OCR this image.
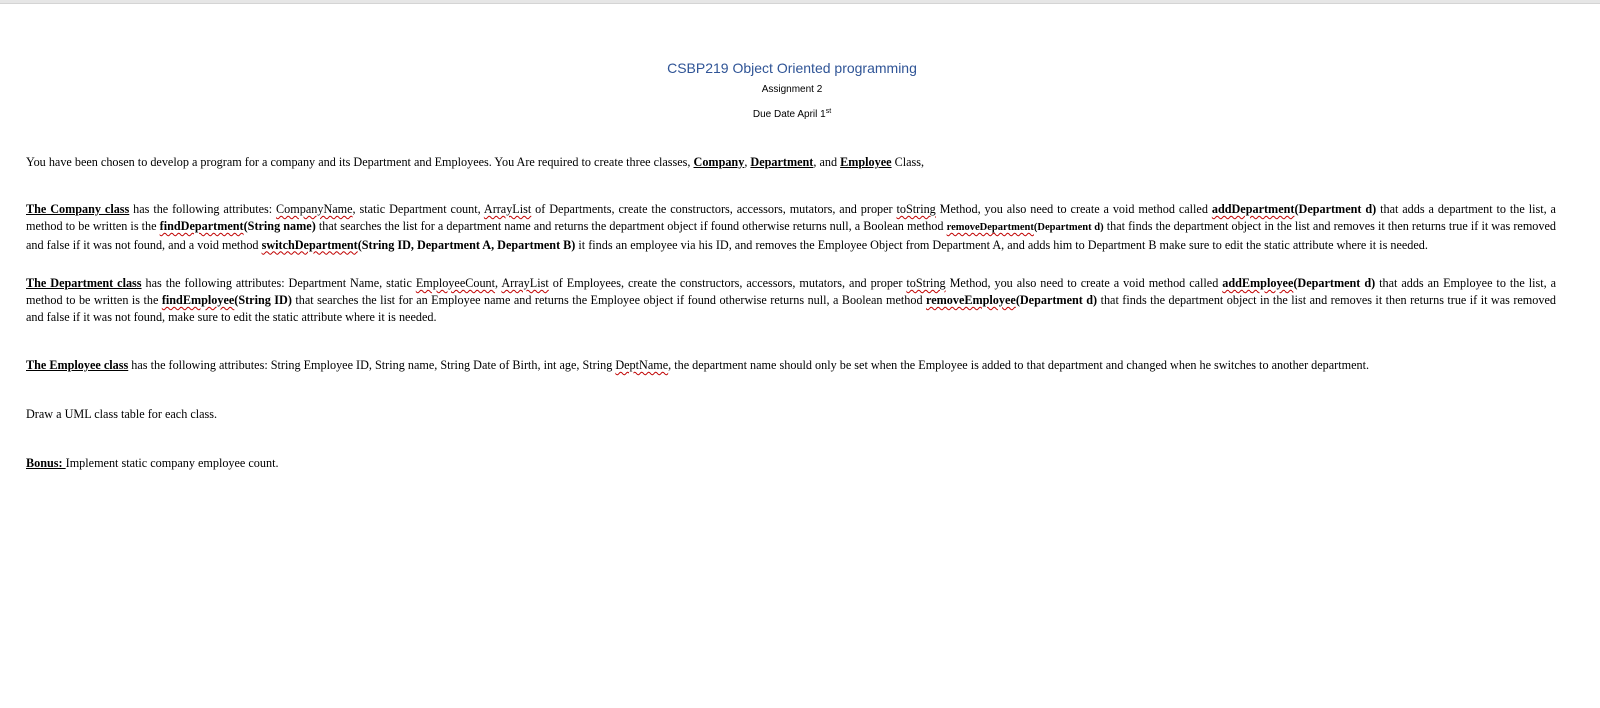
CSBP219 Object Oriented programming
Assignment 2
Due Date April 1st
You have been chosen to develop a program for a company and its Department and Employees. You Are required to create three classes, Company, Department, and Employee Class,
The Company class has the following attributes: CompanyName, static Department count, ArrayList of Departments, create the constructors, accessors, mutators, and proper toString Method, you also need to create a void method called addDepartment(Department d) that adds a department to the list, a method to be written is the findDepartment(String name) that searches the list for a department name and returns the department object if found otherwise returns null, a Boolean method removeDepartment(Department d) that finds the department object in the list and removes it then returns true if it was removed and false if it was not found, and a void method switchDepartment(String ID, Department A, Department B) it finds an employee via his ID, and removes the Employee Object from Department A, and adds him to Department B make sure to edit the static attribute where it is needed.
The Department class has the following attributes: Department Name, static EmployeeCount, ArrayList of Employees, create the constructors, accessors, mutators, and proper toString Method, you also need to create a void method called addEmployee(Department d) that adds an Employee to the list, a method to be written is the findEmployee(String ID) that searches the list for an Employee name and returns the Employee object if found otherwise returns null, a Boolean method removeEmployee(Department d) that finds the department object in the list and removes it then returns true if it was removed and false if it was not found, make sure to edit the static attribute where it is needed.
The Employee class has the following attributes: String Employee ID, String name, String Date of Birth, int age, String DeptName, the department name should only be set when the Employee is added to that department and changed when he switches to another department.
Draw a UML class table for each class.
Bonus: Implement static company employee count.
